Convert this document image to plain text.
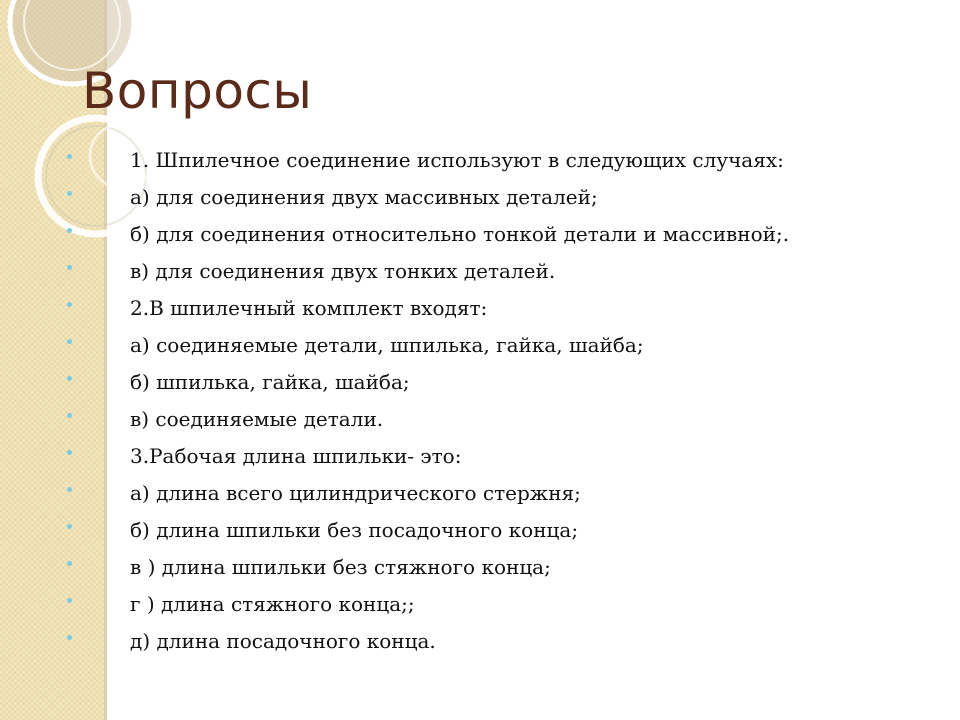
Вопросы
1. Шпилечное соединение используют в следующих случаях:
а) для соединения двух массивных деталей;
б) для соединения относительно тонкой детали и массивной;.
в) для соединения двух тонких деталей.
2.В шпилечный комплект входят:
а) соединяемые детали, шпилька, гайка, шайба;
б) шпилька, гайка, шайба;
в) соединяемые детали.
3.Рабочая длина шпильки- это:
а) длина всего цилиндрического стержня;
б) длина шпильки без посадочного конца;
в ) длина шпильки без стяжного конца;
г ) длина стяжного конца;;
д) длина посадочного конца.
